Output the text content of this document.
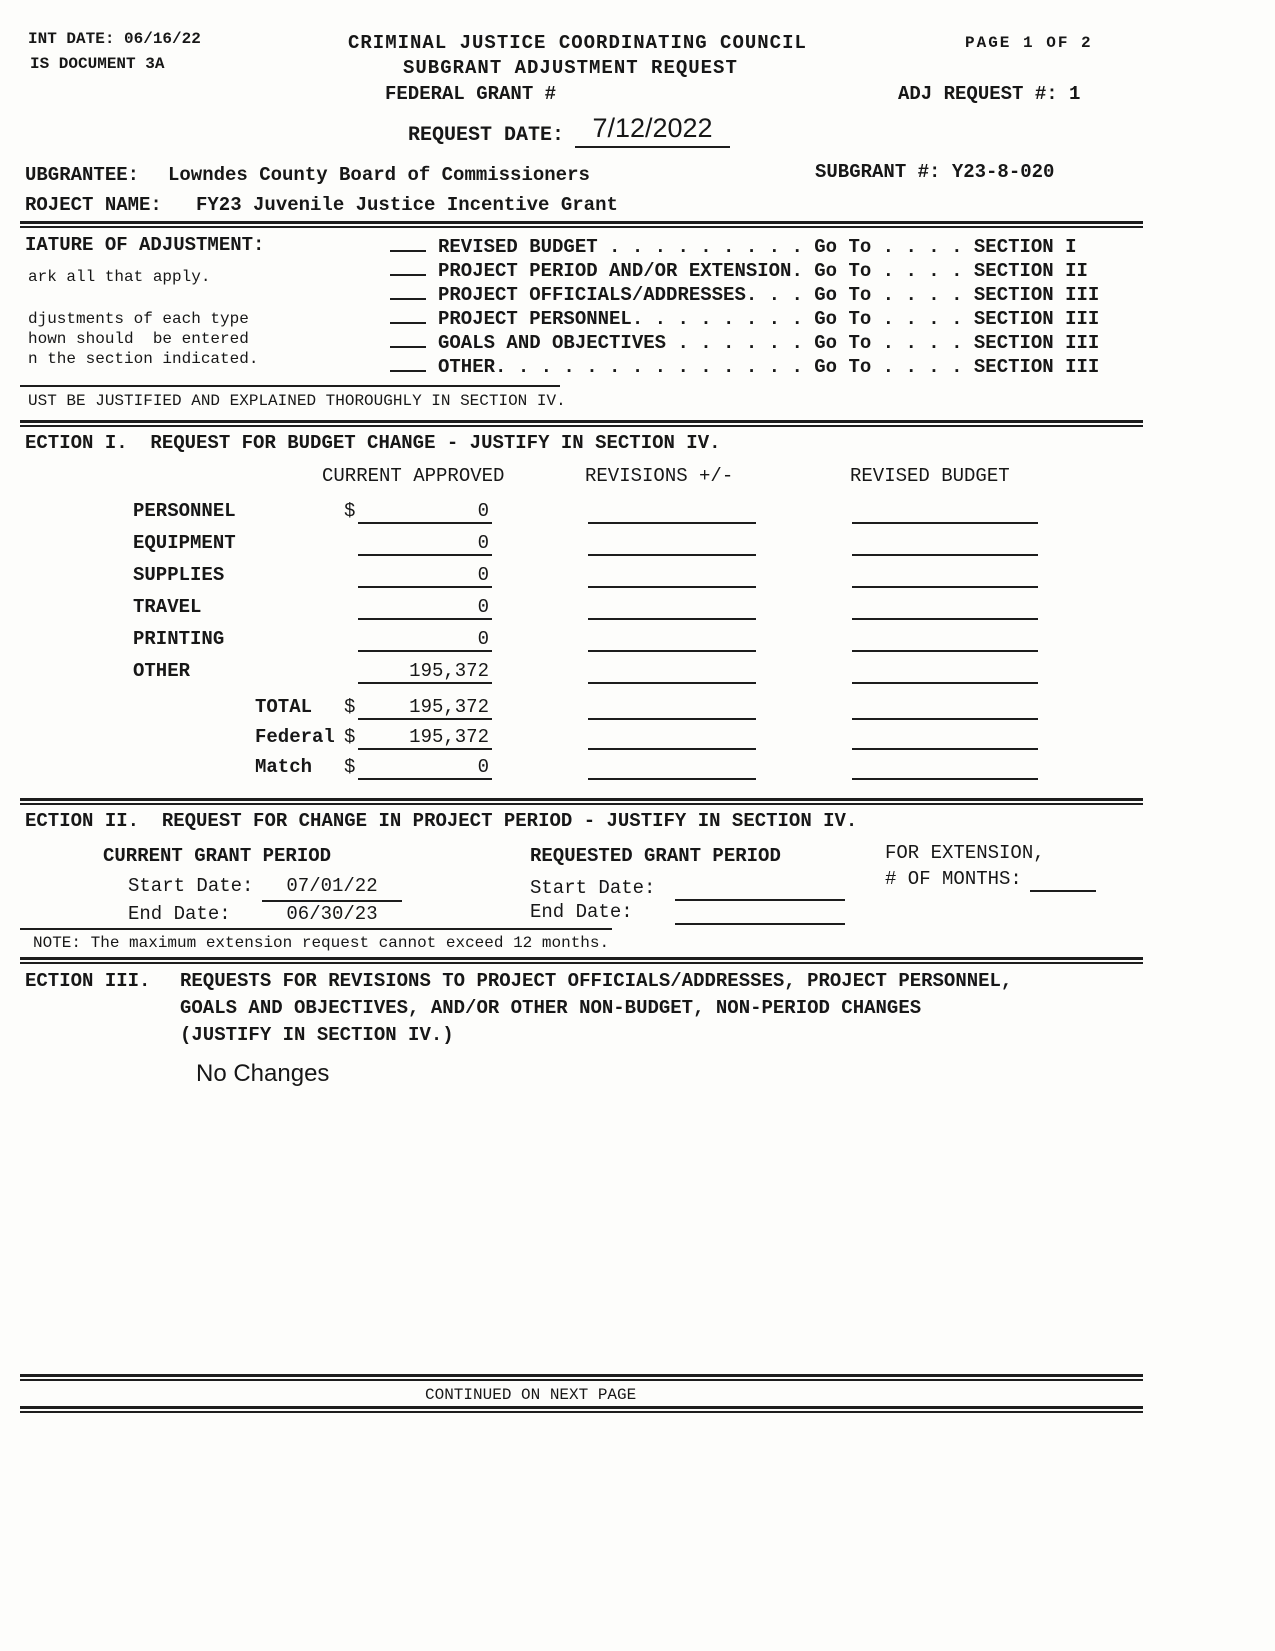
INT DATE: 06/16/22
IS DOCUMENT 3A
CRIMINAL JUSTICE COORDINATING COUNCIL	PAGE 1 OF 2
SUBGRANT ADJUSTMENT REQUEST
FEDERAL GRANT #	ADJ REQUEST #: 1
REQUEST DATE:	7/12/2022
UBGRANTEE: Lowndes County Board of Commissioners	SUBGRANT #: Y23-8-020
ROJECT NAME: FY23 Juvenile Justice Incentive Grant
IATURE OF ADJUSTMENT:
ark all that apply.
djustments of each type
hown should  be entered
n the section indicated.
REVISED BUDGET . . . . . . . . . Go To . . . . SECTION I
PROJECT PERIOD AND/OR EXTENSION. Go To . . . . SECTION II
PROJECT OFFICIALS/ADDRESSES. . . Go To . . . . SECTION III
PROJECT PERSONNEL. . . . . . . . Go To . . . . SECTION III
GOALS AND OBJECTIVES . . . . . . Go To . . . . SECTION III
OTHER. . . . . . . . . . . . . . Go To . . . . SECTION III
UST BE JUSTIFIED AND EXPLAINED THOROUGHLY IN SECTION IV.
ECTION I.  REQUEST FOR BUDGET CHANGE - JUSTIFY IN SECTION IV.
CURRENT APPROVED	REVISIONS +/-	REVISED BUDGET
PERSONNEL	$	0
EQUIPMENT	0
SUPPLIES	0
TRAVEL	0
PRINTING	0
OTHER	195,372
TOTAL $	195,372
Federal $	195,372
Match $	0
ECTION II.  REQUEST FOR CHANGE IN PROJECT PERIOD - JUSTIFY IN SECTION IV.
CURRENT GRANT PERIOD	REQUESTED GRANT PERIOD	FOR EXTENSION,
# OF MONTHS:
Start Date:	07/01/22
End Date:	06/30/23
Start Date:
End Date:
NOTE: The maximum extension request cannot exceed 12 months.
ECTION III. REQUESTS FOR REVISIONS TO PROJECT OFFICIALS/ADDRESSES, PROJECT PERSONNEL,
GOALS AND OBJECTIVES, AND/OR OTHER NON-BUDGET, NON-PERIOD CHANGES
(JUSTIFY IN SECTION IV.)
No Changes
CONTINUED ON NEXT PAGE
